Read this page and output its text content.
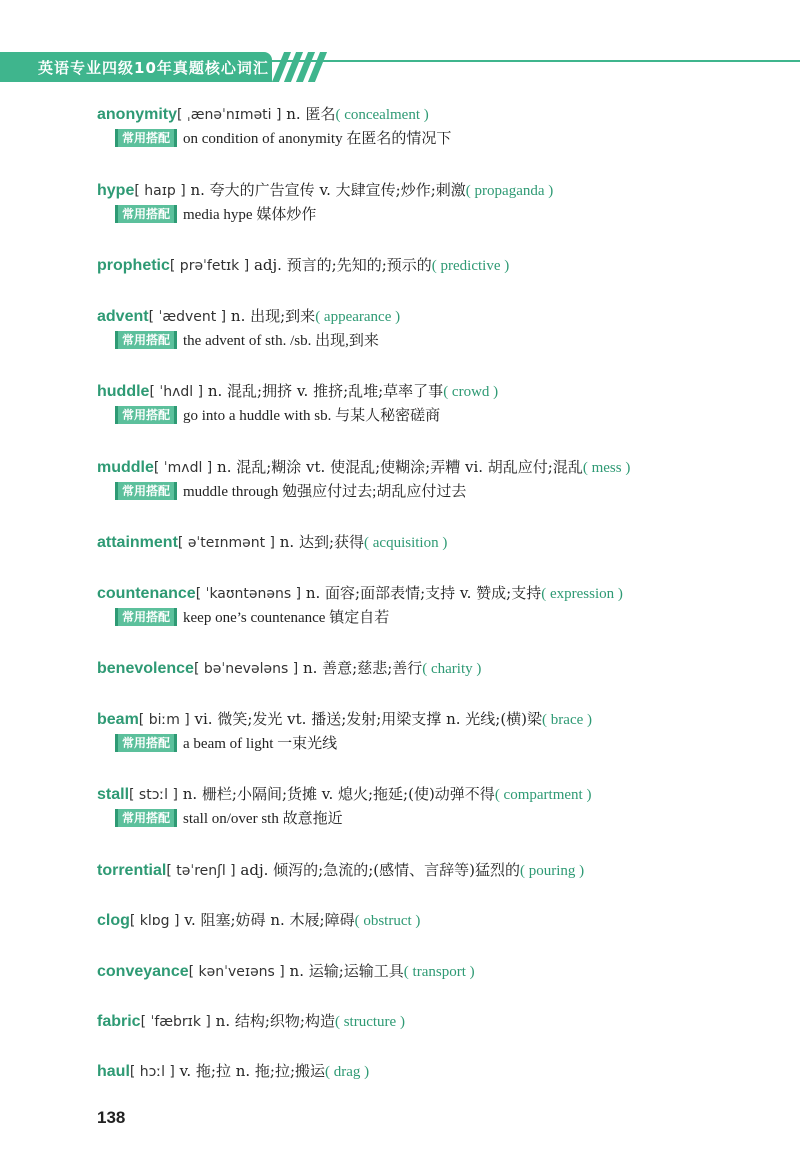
英语专业四级10年真题核心词汇
anonymity[ ˌænəˈnɪməti ] n. 匿名( concealment )
常用搭配 on condition of anonymity 在匿名的情况下
hype[ haɪp ] n. 夸大的广告宣传 v. 大肆宣传;炒作;刺激( propaganda )
常用搭配 media hype 媒体炒作
prophetic[ prəˈfetɪk ] adj. 预言的;先知的;预示的( predictive )
advent[ ˈædvent ] n. 出现;到来( appearance )
常用搭配 the advent of sth. /sb. 出现,到来
huddle[ ˈhʌdl ] n. 混乱;拥挤 v. 推挤;乱堆;草率了事( crowd )
常用搭配 go into a huddle with sb. 与某人秘密磋商
muddle[ ˈmʌdl ] n. 混乱;糊涂 vt. 使混乱;使糊涂;弄糟 vi. 胡乱应付;混乱( mess )
常用搭配 muddle through 勉强应付过去;胡乱应付过去
attainment[ əˈteɪnmənt ] n. 达到;获得( acquisition )
countenance[ ˈkaʊntənəns ] n. 面容;面部表情;支持 v. 赞成;支持( expression )
常用搭配 keep one’s countenance 镇定自若
benevolence[ bəˈnevələns ] n. 善意;慈悲;善行( charity )
beam[ biːm ] vi. 微笑;发光 vt. 播送;发射;用梁支撑 n. 光线;(横)梁( brace )
常用搭配 a beam of light 一束光线
stall[ stɔːl ] n. 栅栏;小隔间;货摊 v. 熄火;拖延;(使)动弹不得( compartment )
常用搭配 stall on/over sth 故意拖近
torrential[ təˈrenʃl ] adj. 倾泻的;急流的;(感情、言辞等)猛烈的( pouring )
clog[ klɒg ] v. 阻塞;妨碍 n. 木屐;障碍( obstruct )
conveyance[ kənˈveɪəns ] n. 运输;运输工具( transport )
fabric[ ˈfæbrɪk ] n. 结构;织物;构造( structure )
haul[ hɔːl ] v. 拖;拉 n. 拖;拉;搬运( drag )
138
